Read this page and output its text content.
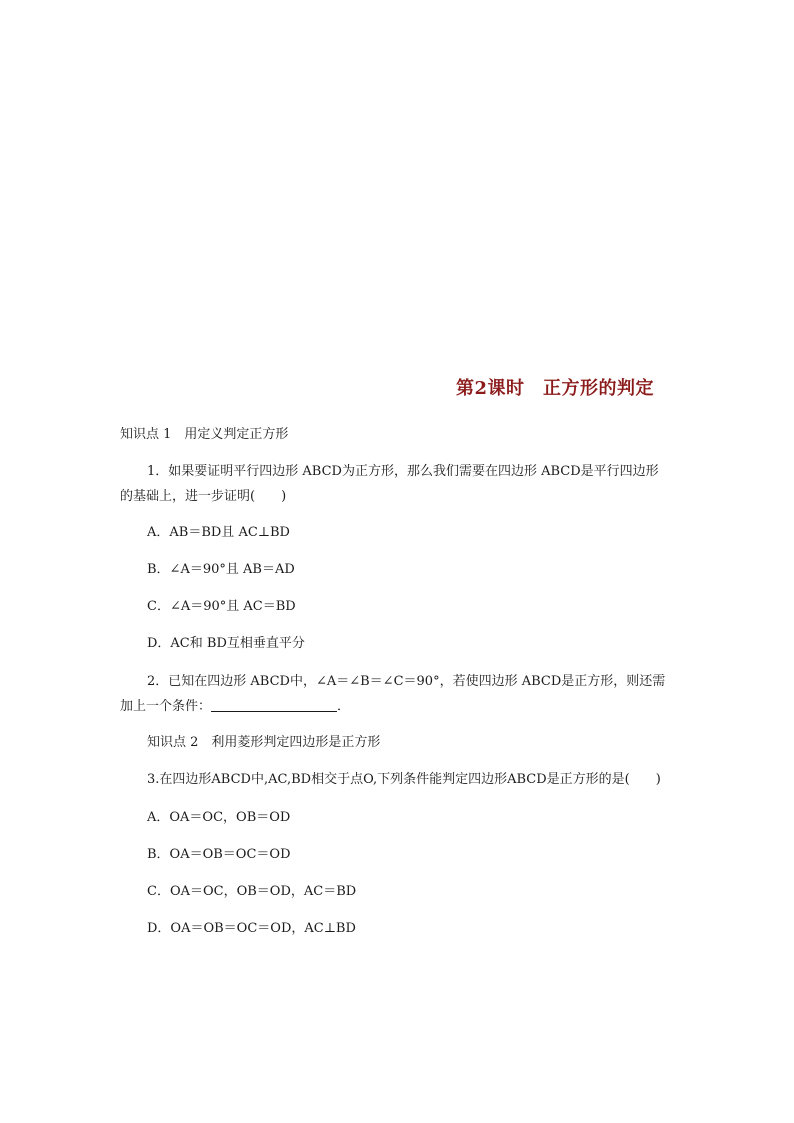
第2课时　正方形的判定
知识点 1　用定义判定正方形
1．如果要证明平行四边形 ABCD为正方形，那么我们需要在四边形 ABCD是平行四边形
的基础上，进一步证明(　　)
A．AB＝BD且 AC⊥BD
B．∠A＝90°且 AB＝AD
C．∠A＝90°且 AC＝BD
D．AC和 BD互相垂直平分
2．已知在四边形 ABCD中，∠A＝∠B＝∠C＝90°，若使四边形 ABCD是正方形，则还需
加上一个条件：	．
知识点 2　利用菱形判定四边形是正方形
3.在四边形ABCD中,AC,BD相交于点O,下列条件能判定四边形ABCD是正方形的是(　　)
A．OA＝OC，OB＝OD
B．OA＝OB＝OC＝OD
C．OA＝OC，OB＝OD，AC＝BD
D．OA＝OB＝OC＝OD，AC⊥BD
